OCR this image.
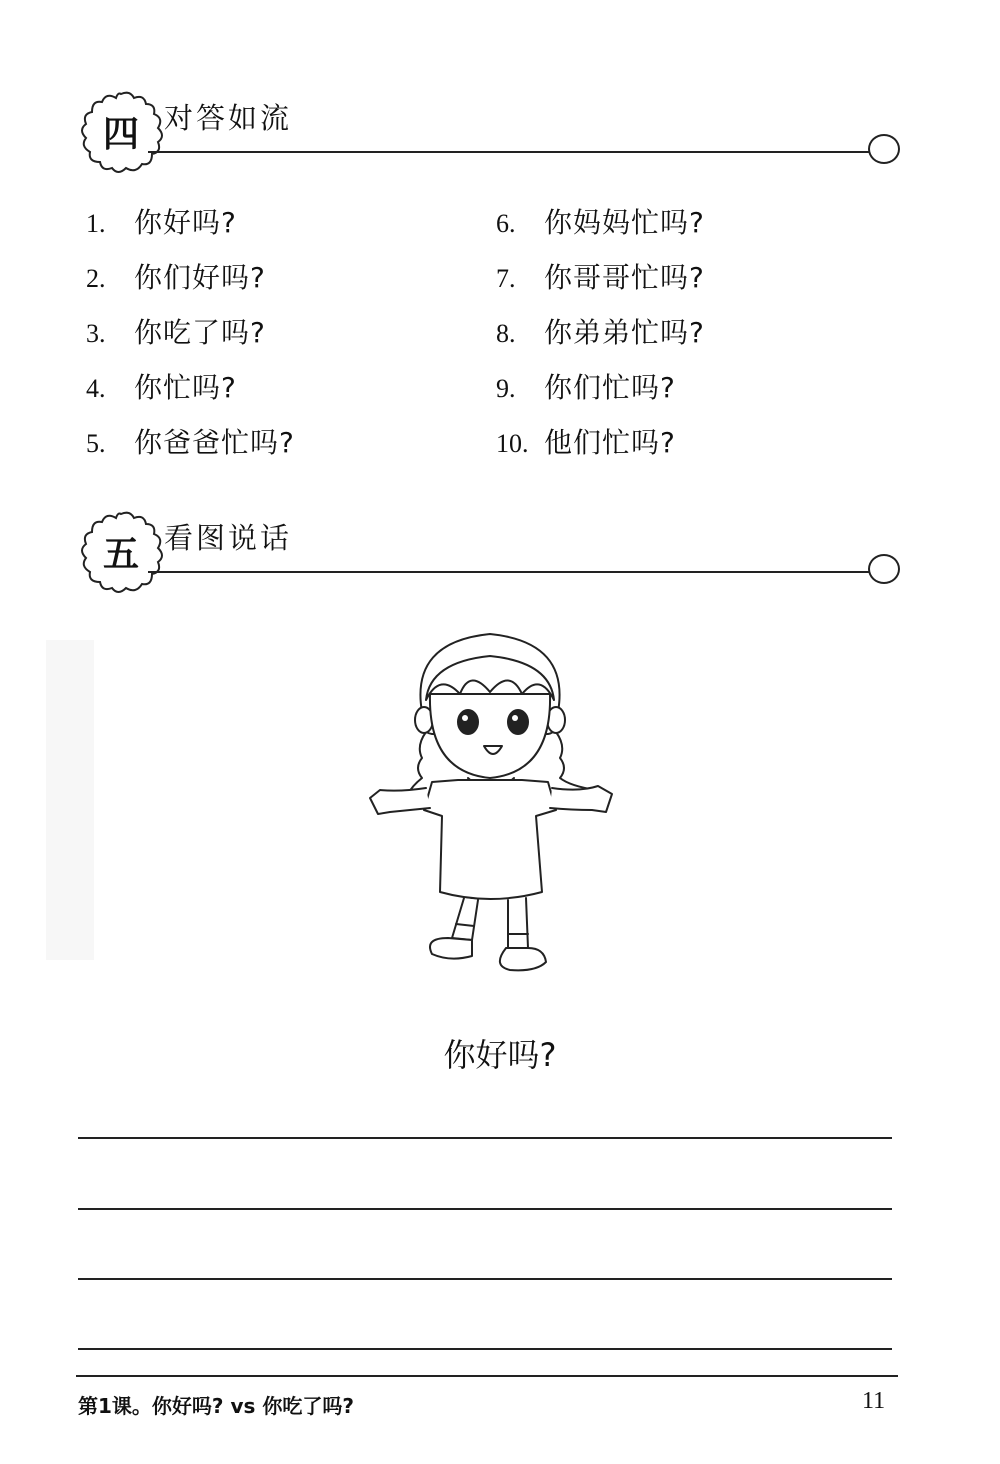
四 对答如流
1. 你好吗?
2. 你们好吗?
3. 你吃了吗?
4. 你忙吗?
5. 你爸爸忙吗?
6. 你妈妈忙吗?
7. 你哥哥忙吗?
8. 你弟弟忙吗?
9. 你们忙吗?
10. 他们忙吗?
五 看图说话
你好吗?
第1课。你好吗? vs 你吃了吗?	11
